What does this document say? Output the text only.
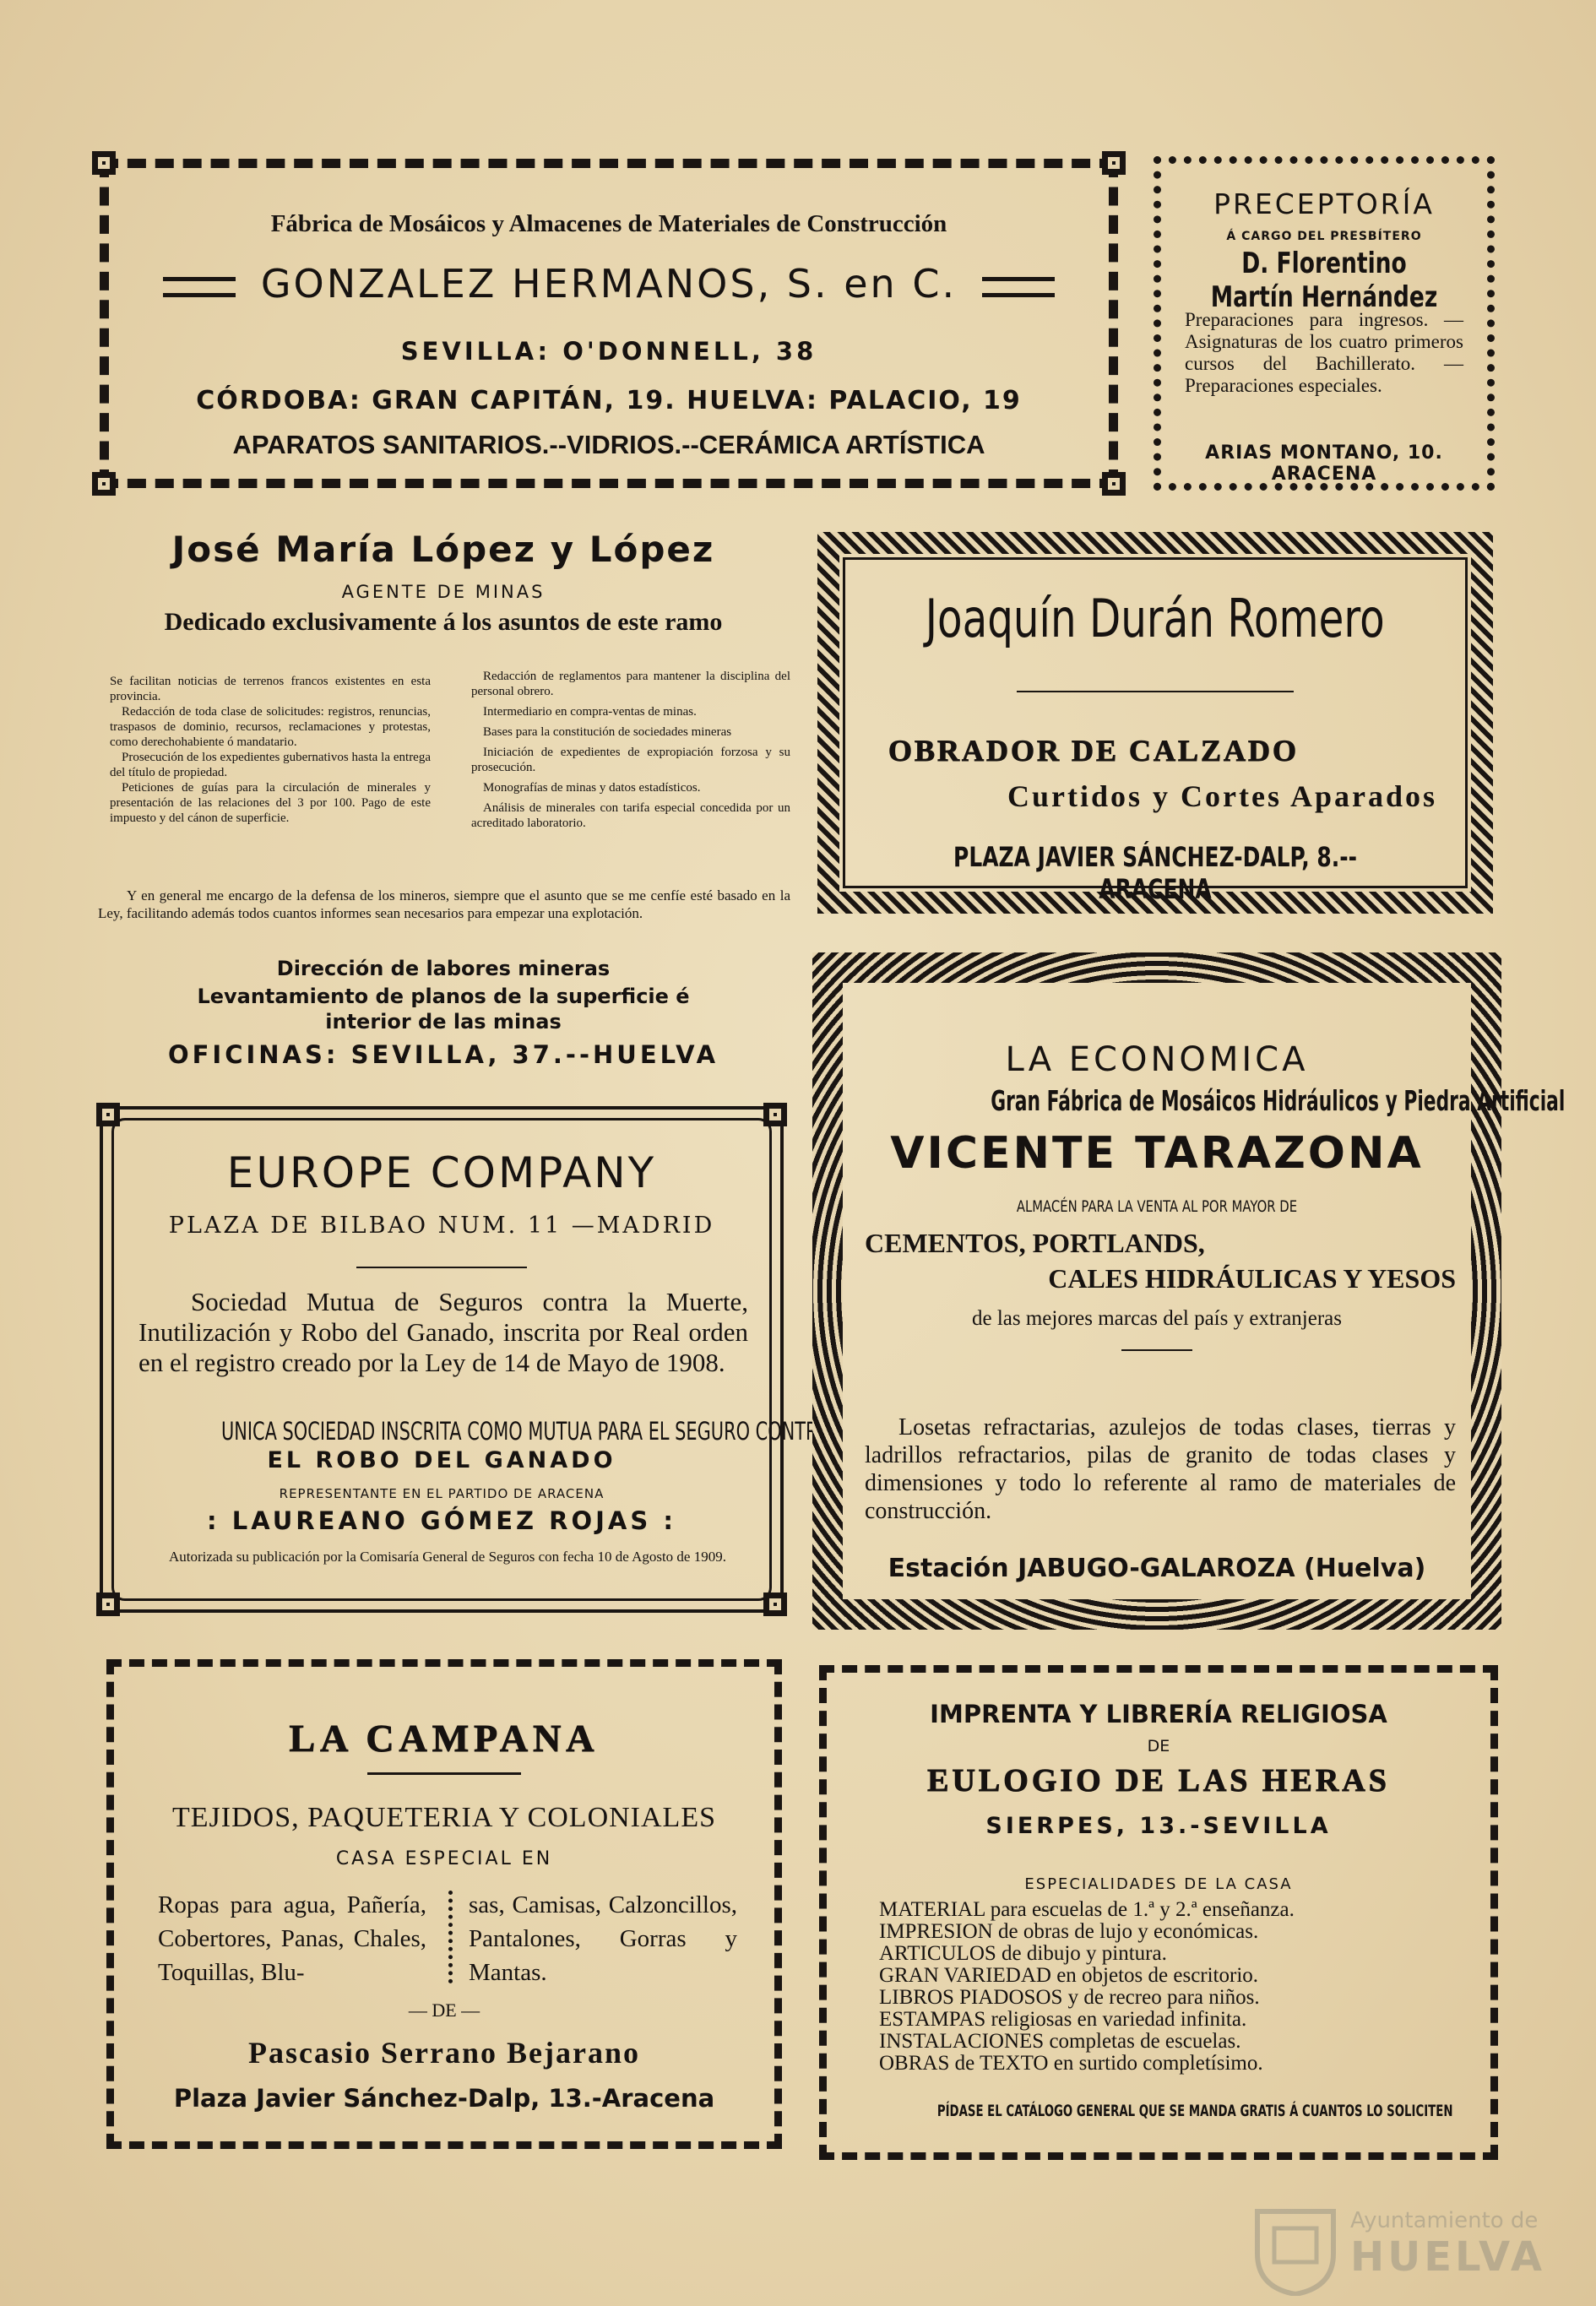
Fábrica de Mosáicos y Almacenes de Materiales de Construcción
GONZALEZ HERMANOS, S. en C.
SEVILLA: O'DONNELL, 38
CÓRDOBA: GRAN CAPITÁN, 19. HUELVA: PALACIO, 19
APARATOS SANITARIOS.--VIDRIOS.--CERÁMICA ARTÍSTICA
PRECEPTORÍA
Á CARGO DEL PRESBÍTERO
D. Florentino Martín Hernández
Preparaciones para ingresos. — Asignaturas de los cuatro primeros cursos del Bachillerato. — Preparaciones especiales.
ARIAS MONTANO, 10. ARACENA
José María López y López
AGENTE DE MINAS
Dedicado exclusivamente á los asuntos de este ramo

Se facilitan noticias de terrenos francos existentes en esta provincia.

Redacción de toda clase de solicitudes: registros, renuncias, traspasos de dominio, recursos, reclamaciones y protestas, como derechohabiente ó mandatario.

Prosecución de los expedientes gubernativos hasta la entrega del título de propiedad.

Peticiones de guías para la circulación de minerales y presentación de las relaciones del 3 por 100. Pago de este impuesto y del cánon de superficie.

Redacción de reglamentos para mantener la disciplina del personal obrero.

Intermediario en compra-ventas de minas.

Bases para la constitución de sociedades mineras

Iniciación de expedientes de expropiación forzosa y su prosecución.

Monografías de minas y datos estadísticos.

Análisis de minerales con tarifa especial concedida por un acreditado laboratorio.

Y en general me encargo de la defensa de los mineros, siempre que el asunto que se me cenfíe esté basado en la Ley, facilitando además todos cuantos informes sean necesarios para empezar una explotación.
Dirección de labores mineras
Levantamiento de planos de la superficie é interior de las minas
OFICINAS: SEVILLA, 37.--HUELVA
Joaquín Durán Romero
OBRADOR DE CALZADO
Curtidos y Cortes Aparados
PLAZA JAVIER SÁNCHEZ-DALP, 8.--ARACENA
EUROPE COMPANY
PLAZA DE BILBAO NUM. 11 —MADRID
Sociedad Mutua de Seguros contra la Muerte, Inutilización y Robo del Ganado, inscrita por Real orden en el registro creado por la Ley de 14 de Mayo de 1908.
UNICA SOCIEDAD INSCRITA COMO MUTUA PARA EL SEGURO CONTRA
EL ROBO DEL GANADO
REPRESENTANTE EN EL PARTIDO DE ARACENA
: LAUREANO GÓMEZ ROJAS :
Autorizada su publicación por la Comisaría General de Seguros con fecha 10 de Agosto de 1909.
LA ECONOMICA
Gran Fábrica de Mosáicos Hidráulicos y Piedra Artificial
VICENTE TARAZONA
ALMACÉN PARA LA VENTA AL POR MAYOR DE
CEMENTOS, PORTLANDS,
CALES HIDRÁULICAS Y YESOS
de las mejores marcas del país y extranjeras
Losetas refractarias, azulejos de todas clases, tierras y ladrillos refractarios, pilas de granito de todas clases y dimensiones y todo lo referente al ramo de materiales de construcción.
Estación JABUGO-GALAROZA (Huelva)
LA CAMPANA
TEJIDOS, PAQUETERIA Y COLONIALES
CASA ESPECIAL EN
Ropas para agua, Pañería, Cobertores, Panas, Chales, Toquillas, Blu-
sas, Camisas, Calzoncillos, Pantalones, Gorras y Mantas.
— DE —
Pascasio Serrano Bejarano
Plaza Javier Sánchez-Dalp, 13.-Aracena
IMPRENTA Y LIBRERÍA RELIGIOSA
DE
EULOGIO DE LAS HERAS
SIERPES, 13.-SEVILLA
ESPECIALIDADES DE LA CASA
MATERIAL para escuelas de 1.ª y 2.ª enseñanza.
IMPRESION de obras de lujo y económicas.
ARTICULOS de dibujo y pintura.
GRAN VARIEDAD en objetos de escritorio.
LIBROS PIADOSOS y de recreo para niños.
ESTAMPAS religiosas en variedad infinita.
INSTALACIONES completas de escuelas.
OBRAS de TEXTO en surtido completísimo.
PÍDASE EL CATÁLOGO GENERAL QUE SE MANDA GRATIS Á CUANTOS LO SOLICITEN
Ayuntamiento de
HUELVA
